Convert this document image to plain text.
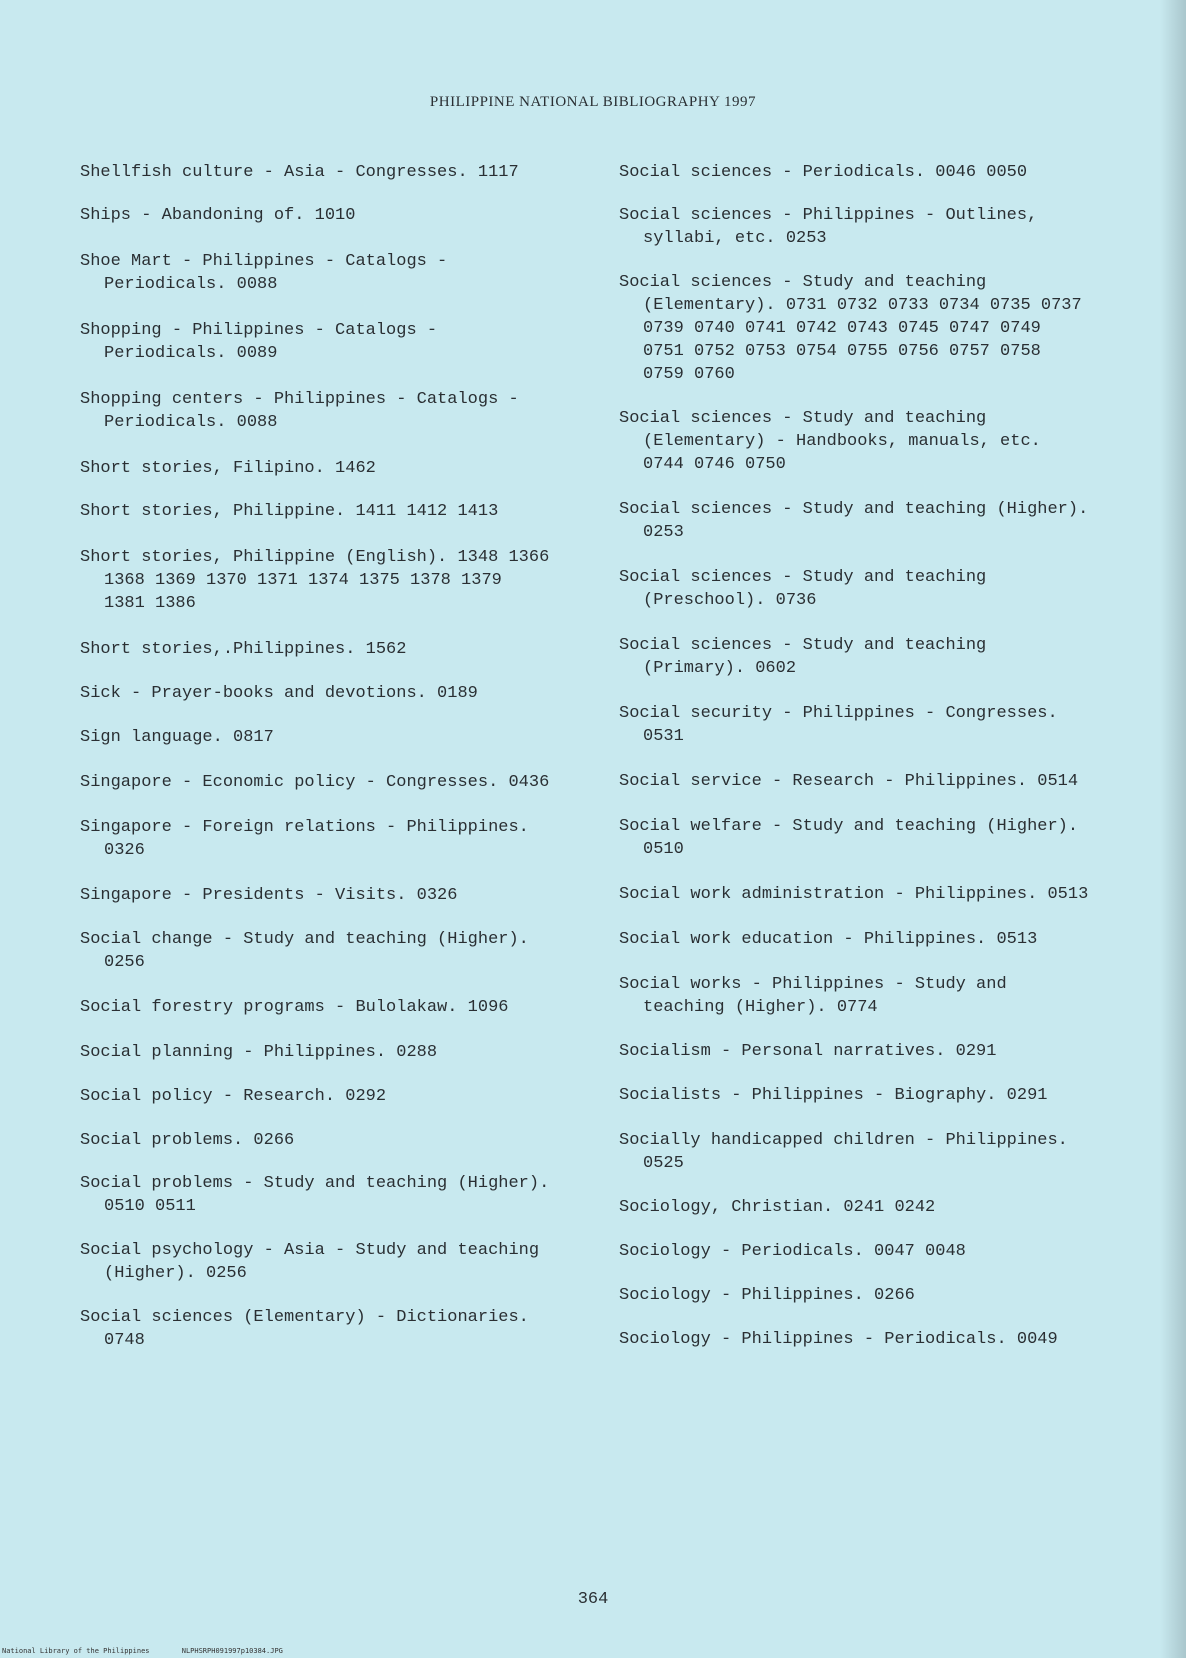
PHILIPPINE NATIONAL BIBLIOGRAPHY 1997
Shellfish culture - Asia - Congresses. 1117
Ships - Abandoning of. 1010
Shoe Mart - Philippines - Catalogs - Periodicals. 0088
Shopping - Philippines - Catalogs - Periodicals. 0089
Shopping centers - Philippines - Catalogs - Periodicals. 0088
Short stories, Filipino. 1462
Short stories, Philippine. 1411 1412 1413
Short stories, Philippine (English). 1348 1366 1368 1369 1370 1371 1374 1375 1378 1379 1381 1386
Short stories,.Philippines. 1562
Sick - Prayer-books and devotions. 0189
Sign language. 0817
Singapore - Economic policy - Congresses. 0436
Singapore - Foreign relations - Philippines. 0326
Singapore - Presidents - Visits. 0326
Social change - Study and teaching (Higher). 0256
Social forestry programs - Bulolakaw. 1096
Social planning - Philippines. 0288
Social policy - Research. 0292
Social problems. 0266
Social problems - Study and teaching (Higher). 0510 0511
Social psychology - Asia - Study and teaching (Higher). 0256
Social sciences (Elementary) - Dictionaries. 0748
Social sciences - Periodicals. 0046 0050
Social sciences - Philippines - Outlines, syllabi, etc. 0253
Social sciences - Study and teaching (Elementary). 0731 0732 0733 0734 0735 0737 0739 0740 0741 0742 0743 0745 0747 0749 0751 0752 0753 0754 0755 0756 0757 0758 0759 0760
Social sciences - Study and teaching (Elementary) - Handbooks, manuals, etc. 0744 0746 0750
Social sciences - Study and teaching (Higher). 0253
Social sciences - Study and teaching (Preschool). 0736
Social sciences - Study and teaching (Primary). 0602
Social security - Philippines - Congresses. 0531
Social service - Research - Philippines. 0514
Social welfare - Study and teaching (Higher). 0510
Social work administration - Philippines. 0513
Social work education - Philippines. 0513
Social works - Philippines - Study and teaching (Higher). 0774
Socialism - Personal narratives. 0291
Socialists - Philippines - Biography. 0291
Socially handicapped children - Philippines. 0525
Sociology, Christian. 0241 0242
Sociology - Periodicals. 0047 0048
Sociology - Philippines. 0266
Sociology - Philippines - Periodicals. 0049
364
National Library of the Philippines	NLPHSRPH091997p10384.JPG
